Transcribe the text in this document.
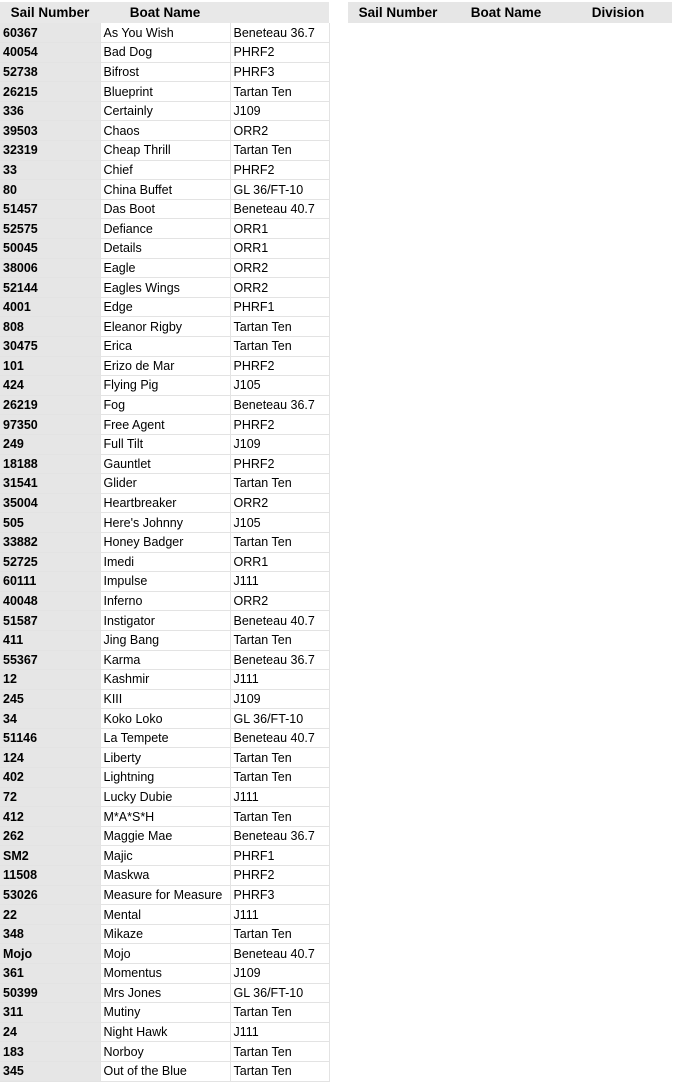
Sail Number	Boat Name	
60367	As You Wish	Beneteau 36.7
40054	Bad Dog	PHRF2
52738	Bifrost	PHRF3
26215	Blueprint	Tartan Ten
336	Certainly	J109
39503	Chaos	ORR2
32319	Cheap Thrill	Tartan Ten
33	Chief	PHRF2
80	China Buffet	GL 36/FT-10
51457	Das Boot	Beneteau 40.7
52575	Defiance	ORR1
50045	Details	ORR1
38006	Eagle	ORR2
52144	Eagles Wings	ORR2
4001	Edge	PHRF1
808	Eleanor Rigby	Tartan Ten
30475	Erica	Tartan Ten
101	Erizo de Mar	PHRF2
424	Flying Pig	J105
26219	Fog	Beneteau 36.7
97350	Free Agent	PHRF2
249	Full Tilt	J109
18188	Gauntlet	PHRF2
31541	Glider	Tartan Ten
35004	Heartbreaker	ORR2
505	Here's Johnny	J105
33882	Honey Badger	Tartan Ten
52725	Imedi	ORR1
60111	Impulse	J111
40048	Inferno	ORR2
51587	Instigator	Beneteau 40.7
411	Jing Bang	Tartan Ten
55367	Karma	Beneteau 36.7
12	Kashmir	J111
245	KIII	J109
34	Koko Loko	GL 36/FT-10
51146	La Tempete	Beneteau 40.7
124	Liberty	Tartan Ten
402	Lightning	Tartan Ten
72	Lucky Dubie	J111
412	M*A*S*H	Tartan Ten
262	Maggie Mae	Beneteau 36.7
SM2	Majic	PHRF1
11508	Maskwa	PHRF2
53026	Measure for Measure	PHRF3
22	Mental	J111
348	Mikaze	Tartan Ten
Mojo	Mojo	Beneteau 40.7
361	Momentus	J109
50399	Mrs Jones	GL 36/FT-10
311	Mutiny	Tartan Ten
24	Night Hawk	J111
183	Norboy	Tartan Ten
345	Out of the Blue	Tartan Ten
Sail Number	Boat Name	Division
